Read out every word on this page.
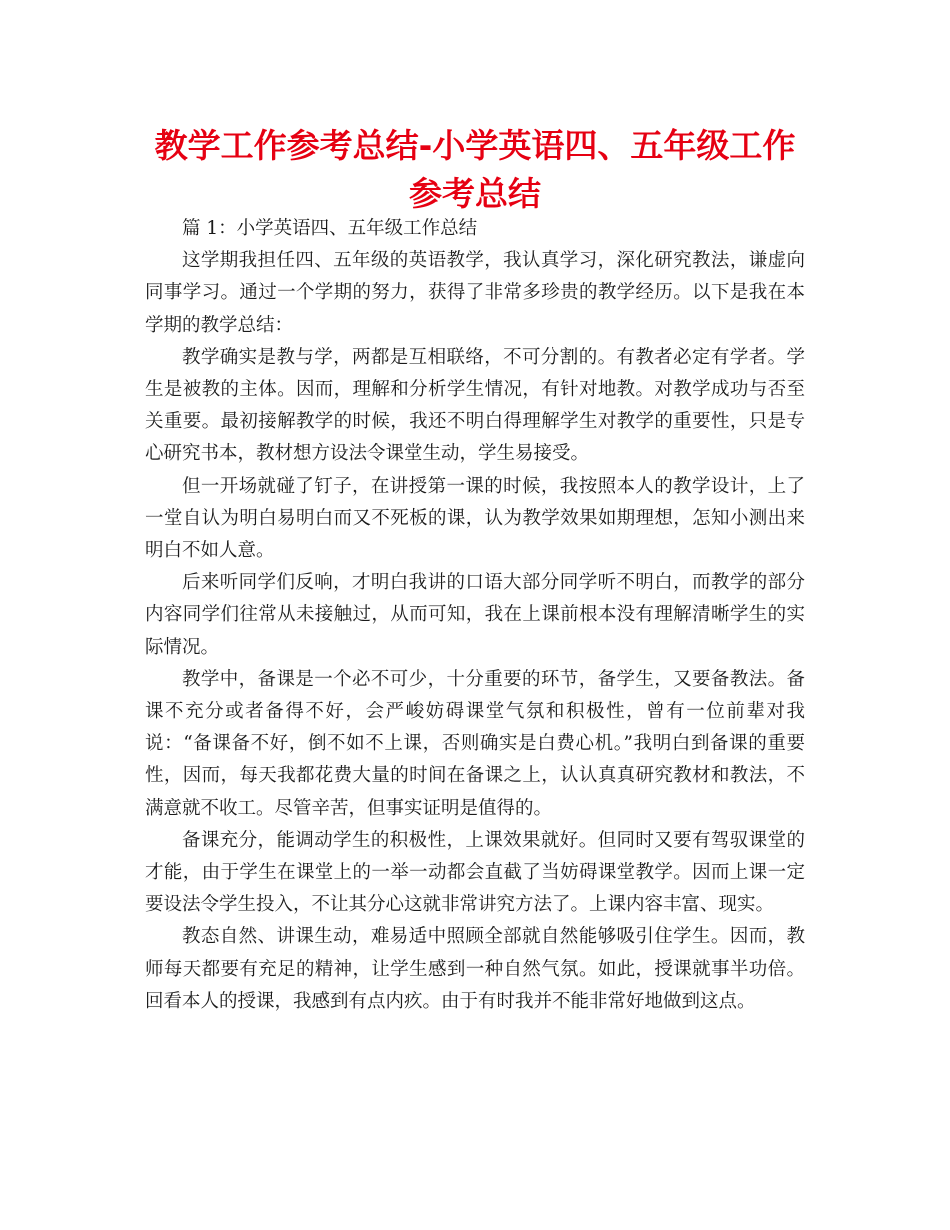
教学工作参考总结-小学英语四、五年级工作参考总结

篇 1：小学英语四、五年级工作总结

这学期我担任四、五年级的英语教学，我认真学习，深化研究教法，谦虚向同事学习。通过一个学期的努力，获得了非常多珍贵的教学经历。以下是我在本学期的教学总结：

教学确实是教与学，两都是互相联络，不可分割的。有教者必定有学者。学生是被教的主体。因而，理解和分析学生情况，有针对地教。对教学成功与否至关重要。最初接解教学的时候，我还不明白得理解学生对教学的重要性，只是专心研究书本，教材想方设法令课堂生动，学生易接受。

但一开场就碰了钉子，在讲授第一课的时候，我按照本人的教学设计，上了一堂自认为明白易明白而又不死板的课，认为教学效果如期理想，怎知小测出来明白不如人意。

后来听同学们反响，才明白我讲的口语大部分同学听不明白，而教学的部分内容同学们往常从未接触过，从而可知，我在上课前根本没有理解清晰学生的实际情况。

教学中，备课是一个必不可少，十分重要的环节，备学生，又要备教法。备课不充分或者备得不好，会严峻妨碍课堂气氛和积极性，曾有一位前辈对我说：“备课备不好，倒不如不上课，否则确实是白费心机。”我明白到备课的重要性，因而，每天我都花费大量的时间在备课之上，认认真真研究教材和教法，不满意就不收工。尽管辛苦，但事实证明是值得的。

备课充分，能调动学生的积极性，上课效果就好。但同时又要有驾驭课堂的才能，由于学生在课堂上的一举一动都会直截了当妨碍课堂教学。因而上课一定要设法令学生投入，不让其分心这就非常讲究方法了。上课内容丰富、现实。

教态自然、讲课生动，难易适中照顾全部就自然能够吸引住学生。因而，教师每天都要有充足的精神，让学生感到一种自然气氛。如此，授课就事半功倍。回看本人的授课，我感到有点内疚。由于有时我并不能非常好地做到这点。
